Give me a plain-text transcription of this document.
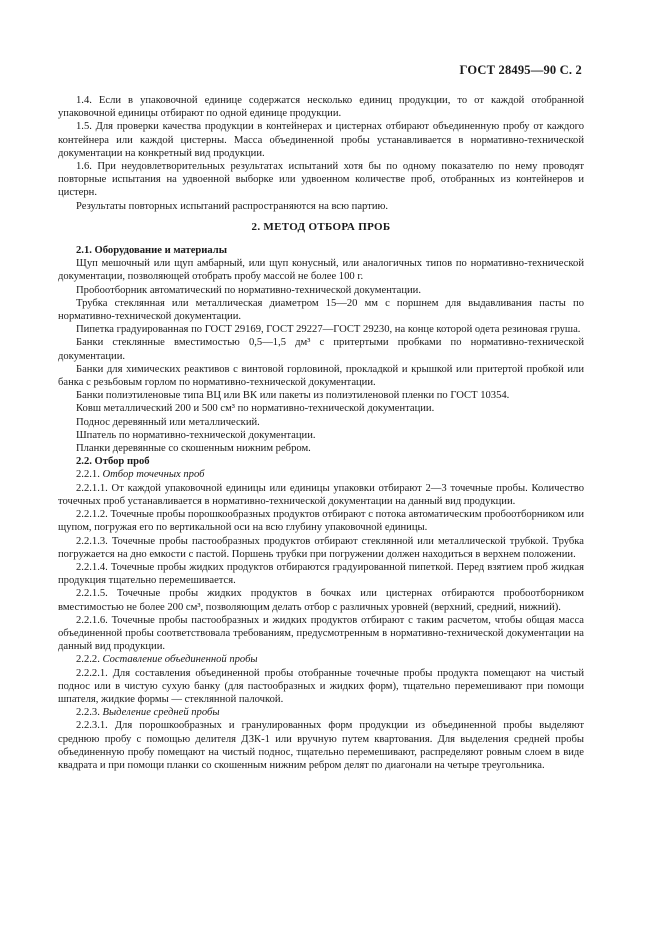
ГОСТ 28495—90 С. 2

1.4. Если в упаковочной единице содержатся несколько единиц продукции, то от каждой отобранной упаковочной единицы отбирают по одной единице продукции.

1.5. Для проверки качества продукции в контейнерах и цистернах отбирают объединенную пробу от каждого контейнера или каждой цистерны. Масса объединенной пробы устанавливается в нормативно-технической документации на конкретный вид продукции.

1.6. При неудовлетворительных результатах испытаний хотя бы по одному показателю по нему проводят повторные испытания на удвоенной выборке или удвоенном количестве проб, отобранных из контейнеров и цистерн.

Результаты повторных испытаний распространяются на всю партию.

2. МЕТОД ОТБОРА ПРОБ

2.1. Оборудование и материалы

Щуп мешочный или щуп амбарный, или щуп конусный, или аналогичных типов по нормативно-технической документации, позволяющей отобрать пробу массой не более 100 г.

Пробоотборник автоматический по нормативно-технической документации.

Трубка стеклянная или металлическая диаметром 15—20 мм с поршнем для выдавливания пасты по нормативно-технической документации.

Пипетка градуированная по ГОСТ 29169, ГОСТ 29227—ГОСТ 29230, на конце которой одета резиновая груша.

Банки стеклянные вместимостью 0,5—1,5 дм³ с притертыми пробками по нормативно-технической документации.

Банки для химических реактивов с винтовой горловиной, прокладкой и крышкой или притертой пробкой или банка с резьбовым горлом по нормативно-технической документации.

Банки полиэтиленовые типа ВЦ или ВК или пакеты из полиэтиленовой пленки по ГОСТ 10354.

Ковш металлический 200 и 500 см³ по нормативно-технической документации.

Поднос деревянный или металлический.

Шпатель по нормативно-технической документации.

Планки деревянные со скошенным нижним ребром.

2.2. Отбор проб

2.2.1. Отбор точечных проб

2.2.1.1. От каждой упаковочной единицы или единицы упаковки отбирают 2—3 точечные пробы. Количество точечных проб устанавливается в нормативно-технической документации на данный вид продукции.

2.2.1.2. Точечные пробы порошкообразных продуктов отбирают с потока автоматическим пробоотборником или щупом, погружая его по вертикальной оси на всю глубину упаковочной единицы.

2.2.1.3. Точечные пробы пастообразных продуктов отбирают стеклянной или металлической трубкой. Трубка погружается на дно емкости с пастой. Поршень трубки при погружении должен находиться в верхнем положении.

2.2.1.4. Точечные пробы жидких продуктов отбираются градуированной пипеткой. Перед взятием проб жидкая продукция тщательно перемешивается.

2.2.1.5. Точечные пробы жидких продуктов в бочках или цистернах отбираются пробоотборником вместимостью не более 200 см³, позволяющим делать отбор с различных уровней (верхний, средний, нижний).

2.2.1.6. Точечные пробы пастообразных и жидких продуктов отбирают с таким расчетом, чтобы общая масса объединенной пробы соответствовала требованиям, предусмотренным в нормативно-технической документации на данный вид продукции.

2.2.2. Составление объединенной пробы

2.2.2.1. Для составления объединенной пробы отобранные точечные пробы продукта помещают на чистый поднос или в чистую сухую банку (для пастообразных и жидких форм), тщательно перемешивают при помощи шпателя, жидкие формы — стеклянной палочкой.

2.2.3. Выделение средней пробы

2.2.3.1. Для порошкообразных и гранулированных форм продукции из объединенной пробы выделяют среднюю пробу с помощью делителя ДЗК-1 или вручную путем квартования. Для выделения средней пробы объединенную пробу помещают на чистый поднос, тщательно перемешивают, распределяют ровным слоем в виде квадрата и при помощи планки со скошенным нижним ребром делят по диагонали на четыре треугольника.
